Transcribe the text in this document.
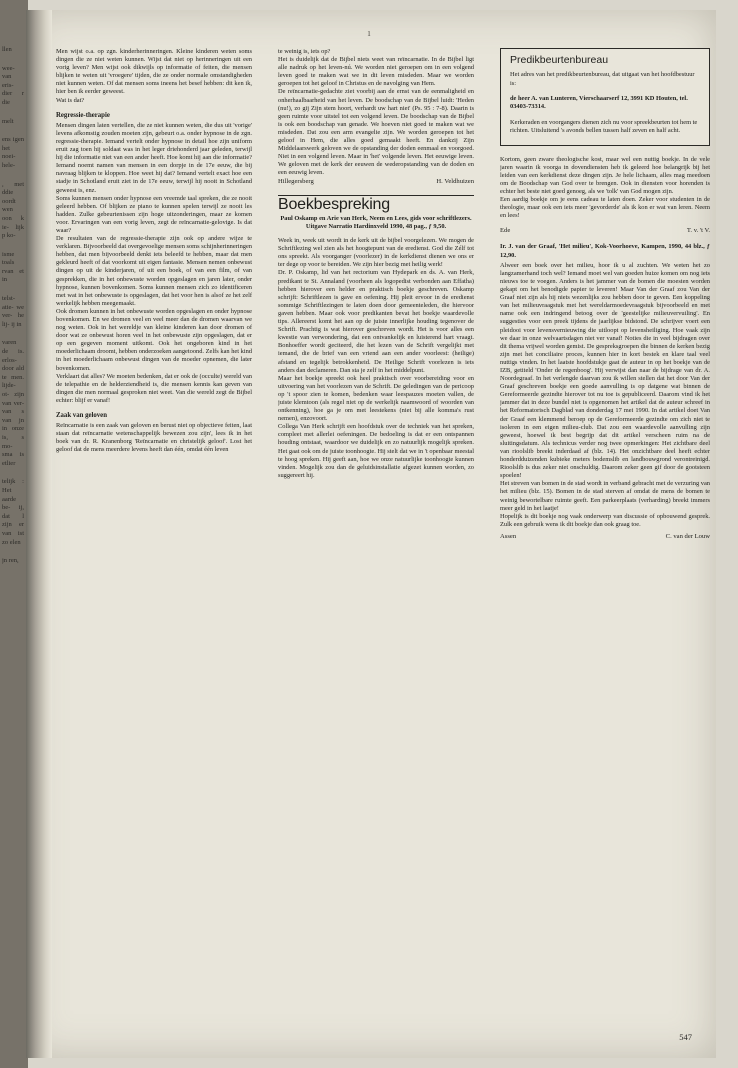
llen
wee- van eris- dier r die
melt
ens igen het noei- hele-
, met ddie oordt wen oon k ie- lijk p ko-
isme toals rvan et in
telst- atie- we ver- he lij- ij in
varen de is. erlos- door ald te men. lijde- ot- zijn van ver- van s van jn in onze is, s mo- sma is etlier
telijk : Het aarde be- ij, dat l zijn er van ist zo elen
jn ren,
1

Men wijst o.a. op zgn. kinderherinneringen. Kleine kinderen weten soms dingen die ze niet weten kunnen. Wijst dat niet op herinneringen uit een vorig leven? Men wijst ook dikwijls op informatie of feiten, die mensen blijken te weten uit 'vroegere' tijden, die ze onder normale omstandigheden niet kunnen weten. Of dat mensen soms ineens het besef hebben: dit ken ik, hier ben ik eerder geweest.

Wat is dat?

Regressie-therapie

Mensen dingen laten vertellen, die ze niet kunnen weten, die dus uit 'vorige' levens afkomstig zouden moeten zijn, gebeurt o.a. onder hypnose in de zgn. regressie-therapie. Iemand vertelt onder hypnose in detail hoe zijn uniform eruit zag toen hij soldaat was in het leger driehonderd jaar geleden, terwijl hij die informatie niet van een ander heeft. Hoe komt hij aan die informatie? Iemand noemt namen van mensen in een dorpje in de 17e eeuw, die bij navraag blijken te kloppen. Hoe weet hij dat? Iemand vertelt exact hoe een stadje in Schotland eruit ziet in de 17e eeuw, terwijl hij nooit in Schotland geweest is, enz.

Soms kunnen mensen onder hypnose een vreemde taal spreken, die ze nooit geleerd hebben. Of blijken ze piano te kunnen spelen terwijl ze nooit les hadden. Zulke gebeurtenissen zijn hoge uitzonderingen, maar ze komen voor. Ervaringen van een vorig leven, zegt de reïncarnatie-gelovige. Is dat waar?

De resultaten van de regressie-therapie zijn ook op andere wijze te verklaren. Bijvoorbeeld dat overgevoelige mensen soms schijnherinneringen hebben, dat men bijvoorbeeld denkt iets beleefd te hebben, maar dat men gekleurd heeft of dat voorkomt uit eigen fantasie. Mensen nemen onbewust dingen op uit de kinderjaren, of uit een boek, of van een film, of van gesprekken, die in het onbewuste worden opgeslagen en jaren later, onder hypnose, kunnen bovenkomen. Soms kunnen mensen zich zo identificeren met wat in het onbewuste is opgeslagen, dat het voor hen is alsof ze het zelf werkelijk hebben meegemaakt.

Ook dromen kunnen in het onbewuste worden opgeslagen en onder hypnose bovenkomen. En we dromen veel en veel meer dan de dromen waarvan we nog weten. Ook in het wereldje van kleine kinderen kan door dromen of door wat ze onbewust horen veel in het onbewuste zijn opgeslagen, dat er op een gegeven moment uitkomt. Ook het ongeboren kind in het moederlichaam droomt, hebben onderzoeken aangetoond. Zelfs kan het kind in het moederlichaam onbewust dingen van de moeder opnemen, die later bovenkomen.

Verklaart dat alles? We moeten bedenken, dat er ook de (occulte) wereld van de telepathie en de helderziendheid is, die mensen kennis kan geven van dingen die men normaal gesproken niet weet. Van die wereld zegt de Bijbel echter: blijf er vanaf!

Zaak van geloven

Reïncarnatie is een zaak van geloven en berust niet op objectieve feiten, laat staan dat reïncarnatie wetenschappelijk bewezen zou zijn', lees ik in het boek van dr. R. Kranenborg 'Reïncarnatie en christelijk geloof'. Lost het geloof dat de mens meerdere levens heeft dan één, omdat één leven

te weinig is, iets op?

Het is duidelijk dat de Bijbel niets weet van reïncarnatie. In de Bijbel ligt alle nadruk op het leven-nú. We worden niet geroepen om in een volgend leven goed te maken wat we in dit leven misdeden. Maar we worden geroepen tot het geloof in Christus en de navolging van Hem.

De reïncarnatie-gedachte ziet voorbij aan de ernst van de eenmaligheid en onherhaalbaarheid van het leven. De boodschap van de Bijbel luidt: 'Heden (nu!), zo gij Zijn stem hoort, verhardt uw hart niet' (Ps. 95 : 7-8). Daarin is geen ruimte voor uitstel tot een volgend leven. De boodschap van de Bijbel is ook een boodschap van genade. We hoeven niet goed te maken wat we misdeden. Dat zou een arm evangelie zijn. We worden geroepen tot het geloof in Hem, die alles goed gemaakt heeft. En dankzij Zijn Middelaarswerk geloven we de opstanding der doden eenmaal en voorgoed. Niet in een volgend leven. Maar in 'het' volgende leven. Het eeuwige leven. We geloven met de kerk der eeuwen de wederopstanding van de doden en een eeuwig leven.

Hillegersberg	H. Veldhuizen
Boekbespreking
Paul Oskamp en Arie van Herk, Neem en Lees, gids voor schriftlezers. Uitgave Narratio Hardinxveld 1990, 48 pag., ƒ 9,50.

Week in, week uit wordt in de kerk uit de bijbel voorgelezen. We mogen de Schriftlezing wel zien als het hoogtepunt van de eredienst. God die Zélf tot ons spreekt. Als voorganger (voorlezer) in de kerkdienst dienen we ons er ter dege op voor te bereiden. We zijn hier bezig met heilig werk!

Dr. P. Oskamp, lid van het rectorium van Hydepark en ds. A. van Herk, predikant te St. Annaland (voorheen als logopedist verbonden aan Effatha) hebben hierover een helder en praktisch boekje geschreven. Oskamp schrijft: Schriftlezen is gave en oefening. Hij pleit ervoor in de eredienst sommige Schriftlezingen te laten doen door gemeenteleden, die hiervoor gaven hebben. Maar ook voor predikanten bevat het boekje waardevolle tips. Allereerst komt het aan op de juiste innerlijke houding tegenover de Schrift. Prachtig is wat hierover geschreven wordt. Het is voor alles een kwestie van verwondering, dat een ontvankelijk en luisterend hart vraagt. Bonhoeffer wordt geciteerd, die het lezen van de Schrift vergelijkt met iemand, die de brief van een vriend aan een ander voorleest: (heilige) afstand en tegelijk betrokkenheid. De Heilige Schrift voorlezen is iets anders dan declameren. Dan sta je zelf in het middelpunt.

Maar het boekje spreekt ook heel praktisch over voorbereiding voor en uitvoering van het voorlezen van de Schrift. De geledingen van de pericoop op 't spoor zien te komen, bedenken waar leespauzes moeten vallen, de juiste klemtoon (als regel niet op de werkelijk naamwoord of woorden van ontkenning), hoe ga je om met leestekens (niet bij alle komma's rust nemen), enzovoort.

Collega Van Herk schrijft een hoofdstuk over de techniek van het spreken, compleet met allerlei oefeningen. De bedoeling is dat er een ontspannen houding ontstaat, waardoor we duidelijk en zo natuurlijk mogelijk spreken. Het gaat ook om de juiste toonhoogte. Hij stelt dat we in 't openbaar meestal te hoog spreken. Hij geeft aan, hoe we onze natuurlijke toonhoogte kunnen vinden. Mogelijk zou dan de geluidsinstallatie afgezet kunnen worden, zo suggereert hij.

Predikbeurtenbureau

Het adres van het predikbeurtenbureau, dat uitgaat van het hoofdbestuur is:

de heer A. van Lunteren, Vierschaarserf 12, 3991 KD Houten, tel. 03403-73314.

Kerkeraden en voorgangers dienen zich nu voor spreekbeurten tot hem te richten. Uitsluitend 's avonds bellen tussen half zeven en half acht.

Kortom, geen zware theologische kost, maar wel een nuttig boekje. In de vele jaren waarin ik voorga in dovendiensten heb ik geleerd hoe belangrijk bij het leiden van een kerkdienst deze dingen zijn. Je hele lichaam, alles mag meedoen om de Boodschap van God over te brengen. Ook in diensten voor horenden is echter het beste niet goed genoeg, als we 'tolk' van God mogen zijn.

Een aardig boekje om je eens cadeau te laten doen. Zeker voor studenten in de theologie, maar ook een iets meer 'gevorderde' als ik kon er wat van leren. Neem en lees!

Ede	T. v. 't V.
Ir. J. van der Graaf, 'Het milieu', Kok-Voorhoeve, Kampen, 1990, 44 blz., ƒ 12,90.

Alweer een boek over het milieu, hoor ik u al zuchten. We weten het zo langzamerhand toch wel? Iemand moet wel van goeden huize komen om nog iets nieuws toe te voegen. Anders is het jammer van de bomen die moesten worden gekapt om het benodigde papier te leveren! Maar Van der Graaf zou Van der Graaf niet zijn als hij niets wezenlijks zou hebben door te geven. Een koppeling van het milieuvraagstuk met het wereldarmoedevraagstuk bijvoorbeeld en met name ook een indringend betoog over de 'geestelijke milieuvervuiling'. En suggesties voor een preek tijdens de jaarlijkse bidstond. De schrijver voert een pleidooi voor levensvernieuwing die uitloopt op levensheiliging. Hoe vaak zijn we daar in onze welvaartsdagen niet ver vanaf! Noties die in veel bijdragen over dit thema vrijwel worden gemist. De gespreksgroepen die binnen de kerken bezig zijn met het conciliaire proces, kunnen hier in kort bestek en klare taal veel nuttigs vinden. In het laatste hoofdstukje gaat de auteur in op het boekje van de IZB, getiteld 'Onder de regenboog'. Hij verwijst dan naar de bijdrage van dr. A. Noordegraaf. In het verlengde daarvan zou ik willen stellen dat het door Van der Graaf geschreven boekje een goede aanvulling is op datgene wat binnen de Gereformeerde gezindte hierover tot nu toe is gepubliceerd. Daarom vind ik het jammer dat in deze bundel niet is opgenomen het artikel dat de auteur schreef in het Reformatorisch Dagblad van donderdag 17 mei 1990. In dat artikel doet Van der Graaf een klemmend beroep op de Gereformeerde gezindte om zich niet te isoleren in een eigen milieu-club. Dat zou een waardevolle aanvulling zijn geweest, hoewel ik best begrijp dat dit artikel verscheen ruim na de sluitingsdatum. Als technicus verder nog twee opmerkingen: Het zichtbare deel van rioolslib breekt inderdaad af (blz. 14). Het onzichtbare deel heeft echter honderdduizenden kubieke meters bodemslib en landbouwgrond verontreinigd. Rioolslib is dus zeker niet onschuldig. Daarom zeker geen gif door de gootsteen spoelen!

Het streven van bomen in de stad wordt in verband gebracht met de verzuring van het milieu (blz. 15). Bomen in de stad sterven af omdat de mens de bomen te weinig bewortelbare ruimte geeft. Een parkeerplaats (verharding) breekt immers meer geld in het laatje!

Hopelijk is dit boekje nog vaak onderwerp van discussie of opbouwend gesprek. Zulk een gebruik wens ik dit boekje dan ook graag toe.

Assen	C. van der Louw
547
